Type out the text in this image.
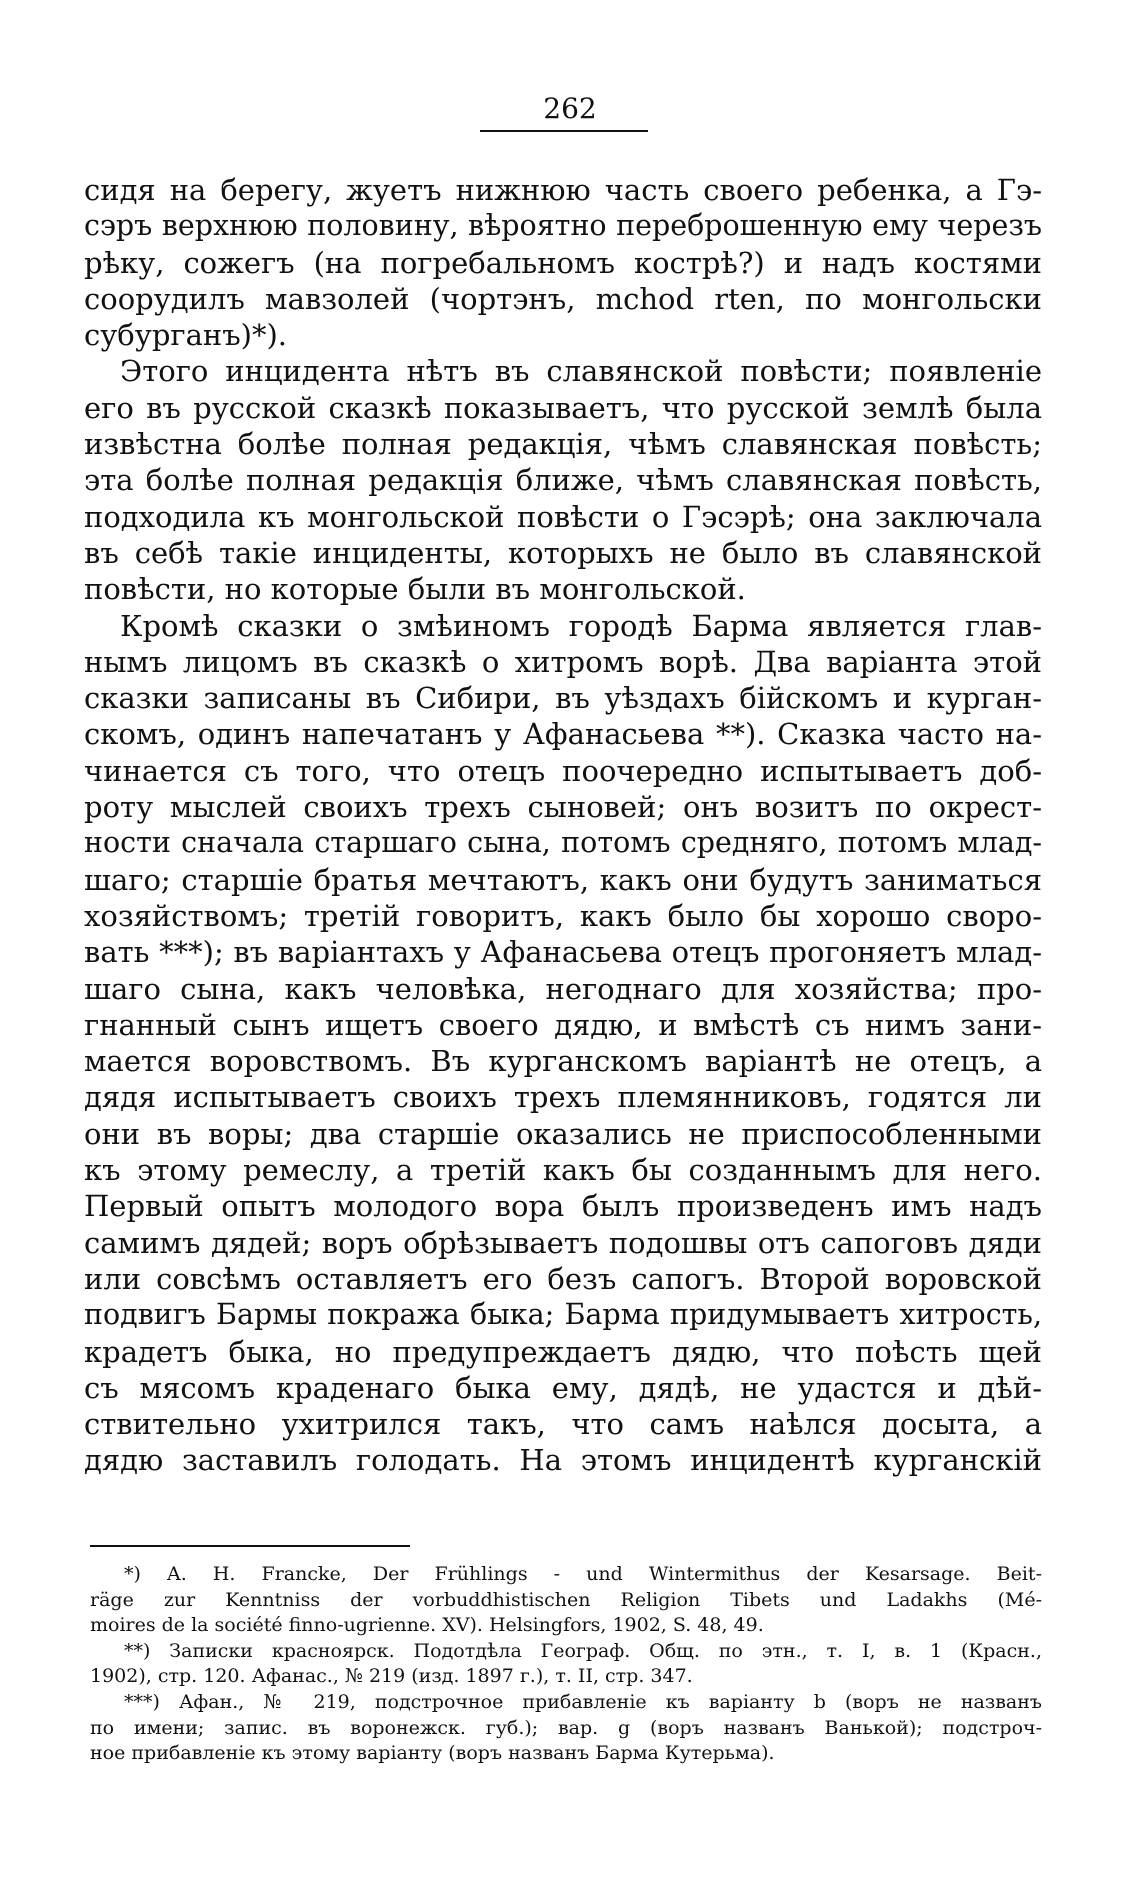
262
сидя на берегу, жуетъ нижнюю часть своего ребенка, а Гэ-
сэръ верхнюю половину, вѣроятно переброшенную ему черезъ
рѣку, сожегъ (на погребальномъ кострѣ?) и надъ костями
соорудилъ мавзолей (чортэнъ, mchod rten, по монгольски
субурганъ)*).
Этого инцидента нѣтъ въ славянской повѣсти; появленіе
его въ русской сказкѣ показываетъ, что русской землѣ была
извѣстна болѣе полная редакція, чѣмъ славянская повѣсть;
эта болѣе полная редакція ближе, чѣмъ славянская повѣсть,
подходила къ монгольской повѣсти о Гэсэрѣ; она заключала
въ себѣ такіе инциденты, которыхъ не было въ славянской
повѣсти, но которые были въ монгольской.
Кромѣ сказки о змѣиномъ городѣ Барма является глав-
нымъ лицомъ въ сказкѣ о хитромъ ворѣ. Два варіанта этой
сказки записаны въ Сибири, въ уѣздахъ бійскомъ и курган-
скомъ, одинъ напечатанъ у Афанасьева **). Сказка часто на-
чинается съ того, что отецъ поочередно испытываетъ доб-
роту мыслей своихъ трехъ сыновей; онъ возитъ по окрест-
ности сначала старшаго сына, потомъ средняго, потомъ млад-
шаго; старшіе братья мечтаютъ, какъ они будутъ заниматься
хозяйствомъ; третій говоритъ, какъ было бы хорошо сворo-
вать ***); въ варіантахъ у Афанасьева отецъ прогоняетъ млад-
шаго сына, какъ человѣка, негоднаго для хозяйства; про-
гнанный сынъ ищетъ своего дядю, и вмѣстѣ съ нимъ зани-
мается воровствомъ. Въ курганскомъ варіантѣ не отецъ, а
дядя испытываетъ своихъ трехъ племянниковъ, годятся ли
они въ воры; два старшіе оказались не приспособленными
къ этому ремеслу, а третій какъ бы созданнымъ для него.
Первый опытъ молодого вора былъ произведенъ имъ надъ
самимъ дядей; воръ обрѣзываетъ подошвы отъ сапоговъ дяди
или совсѣмъ оставляетъ его безъ сапогъ. Второй воровской
подвигъ Бармы покража быка; Барма придумываетъ хитрость,
крадетъ быка, но предупреждаетъ дядю, что поѣсть щей
съ мясомъ краденаго быка ему, дядѣ, не удастся и дѣй-
ствительно ухитрился такъ, что самъ наѣлся досыта, а
дядю заставилъ голодать. На этомъ инцидентѣ курганскій
*) A. H. Francke, Der Frühlings - und Wintermithus der Kesarsage. Beit-
räge zur Kenntniss der vorbuddhistischen Religion Tibets und Ladakhs (Mé-
moires de la société finno-ugrienne. XV). Helsingfors, 1902, S. 48, 49.
**) Записки красноярск. Подотдѣла Географ. Общ. по этн., т. I, в. 1 (Красн.,
1902), стр. 120. Афанас., № 219 (изд. 1897 г.), т. II, стр. 347.
***) Афан., № 219, подстрочное прибавленіе къ варіанту b (воръ не названъ
по имени; запис. въ воронежск. губ.); вар. g (воръ названъ Ванькой); подстроч-
ное прибавленіе къ этому варіанту (воръ названъ Барма Кутерьма).
